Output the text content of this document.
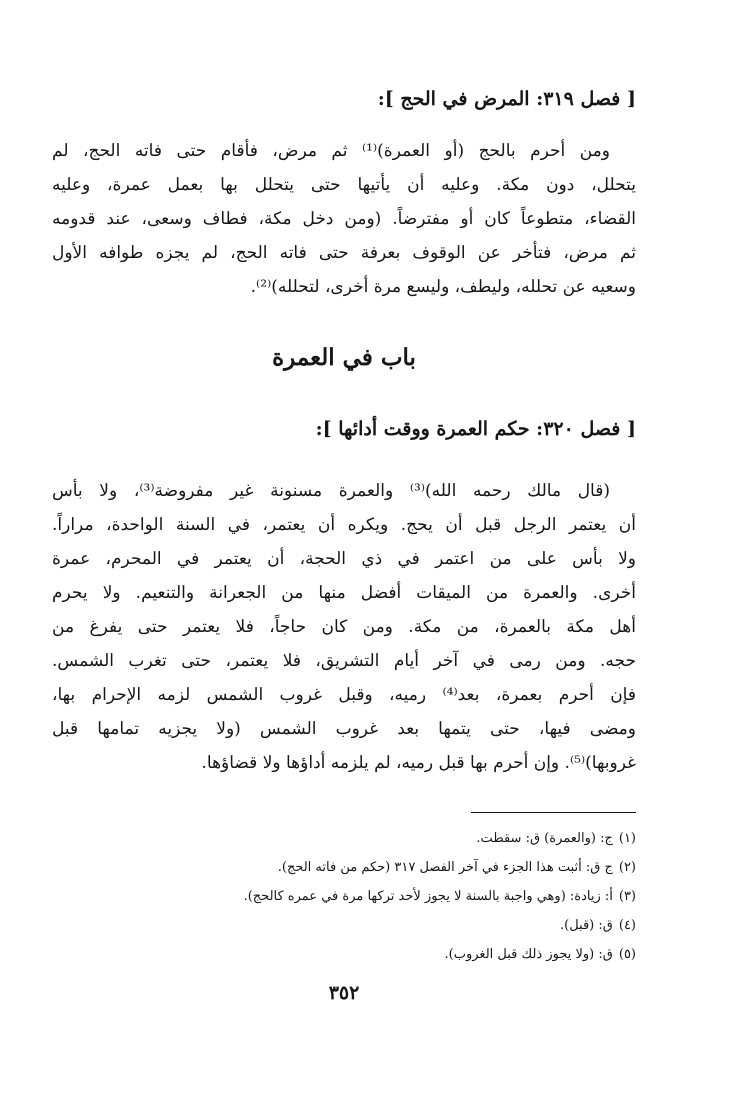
[ فصل ٣١٩: المرض في الحج ]:
ومن أحرم بالحج (أو العمرة)⁽¹⁾ ثم مرض، فأقام حتى فاته الحج، لم
يتحلل، دون مكة. وعليه أن يأتيها حتى يتحلل بها بعمل عمرة، وعليه
القضاء، متطوعاً كان أو مفترضاً. (ومن دخل مكة، فطاف وسعى، عند قدومه
ثم مرض، فتأخر عن الوقوف بعرفة حتى فاته الحج، لم يجزه طوافه الأول
وسعيه عن تحلله، وليطف، وليسع مرة أخرى، لتحلله)⁽²⁾.
باب في العمرة
[ فصل ٣٢٠: حكم العمرة ووقت أدائها ]:
(قال مالك رحمه الله)⁽³⁾ والعمرة مسنونة غير مفروضة⁽³⁾، ولا بأس
أن يعتمر الرجل قبل أن يحج. ويكره أن يعتمر، في السنة الواحدة، مراراً.
ولا بأس على من اعتمر في ذي الحجة، أن يعتمر في المحرم، عمرة
أخرى. والعمرة من الميقات أفضل منها من الجعرانة والتنعيم. ولا يحرم
أهل مكة بالعمرة، من مكة. ومن كان حاجاً، فلا يعتمر حتى يفرغ من
حجه. ومن رمى في آخر أيام التشريق، فلا يعتمر، حتى تغرب الشمس.
فإن أحرم بعمرة، بعد⁽⁴⁾ رميه، وقبل غروب الشمس لزمه الإحرام بها،
ومضى فيها، حتى يتمها بعد غروب الشمس (ولا يجزيه تمامها قبل
غروبها)⁽⁵⁾. وإن أحرم بها قبل رميه، لم يلزمه أداؤها ولا قضاؤها.
(١)ج: (والعمرة) ق: سقطت.
(٢)ج ق: أثبت هذا الجزء في آخر الفصل ٣١٧ (حكم من فاته الحج).
(٣)أ: زيادة: (وهي واجبة بالسنة لا يجوز لأحد تركها مرة في عمره كالحج).
(٤)ق: (قبل).
(٥)ق: (ولا يجوز ذلك قبل الغروب).
٣٥٢
